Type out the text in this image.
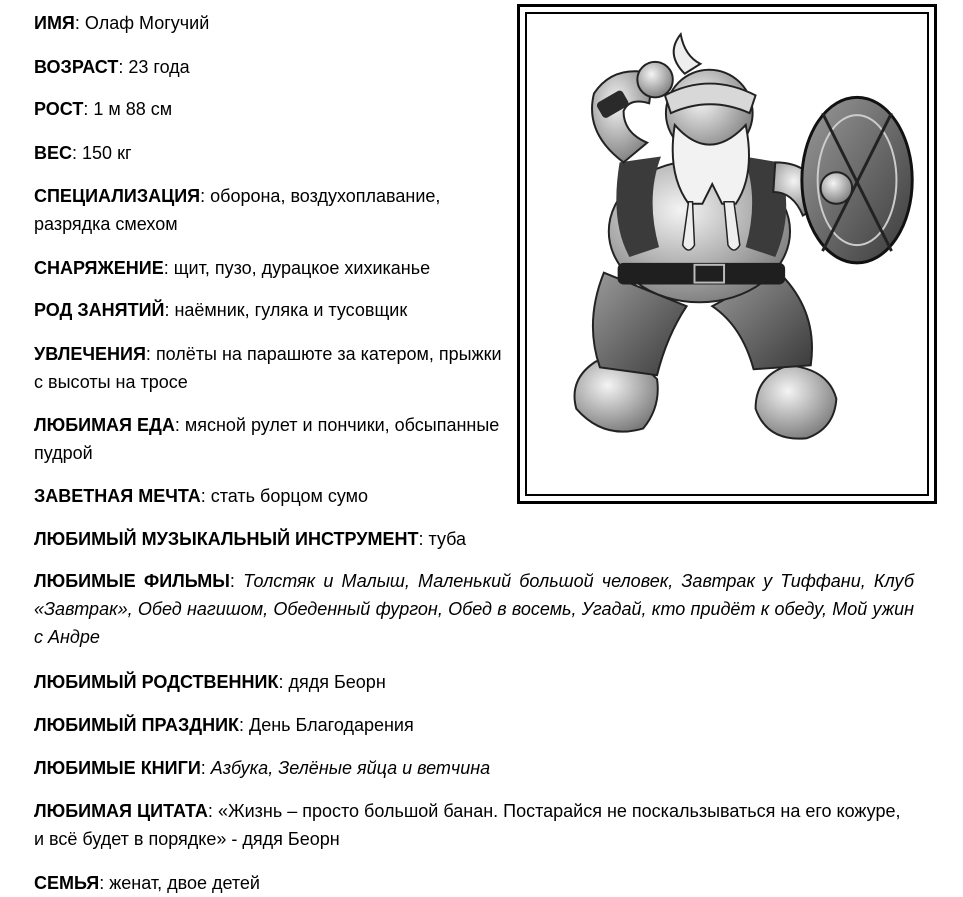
ИМЯ: Олаф Могучий

ВОЗРАСТ: 23 года

РОСТ: 1 м 88 см

ВЕС: 150 кг

СПЕЦИАЛИЗАЦИЯ: оборона, воздухоплавание, разрядка смехом

СНАРЯЖЕНИЕ: щит, пузо, дурацкое хихиканье

РОД ЗАНЯТИЙ: наёмник, гуляка и тусовщик

УВЛЕЧЕНИЯ: полёты на парашюте за катером, прыжки с высоты на тросе

ЛЮБИМАЯ ЕДА: мясной рулет и пончики, обсыпанные пудрой

ЗАВЕТНАЯ МЕЧТА: стать борцом сумо

ЛЮБИМЫЙ МУЗЫКАЛЬНЫЙ ИНСТРУМЕНТ: туба

ЛЮБИМЫЕ ФИЛЬМЫ: Толстяк и Малыш, Маленький большой человек, Завтрак у Тиффани, Клуб «Завтрак», Обед нагишом, Обеденный фургон, Обед в восемь, Угадай, кто придёт к обеду, Мой ужин с Андре

ЛЮБИМЫЙ РОДСТВЕННИК: дядя Беорн

ЛЮБИМЫЙ ПРАЗДНИК: День Благодарения

ЛЮБИМЫЕ КНИГИ: Азбука, Зелёные яйца и ветчина

ЛЮБИМАЯ ЦИТАТА: «Жизнь – просто большой банан. Постарайся не поскальзываться на его кожуре, и всё будет в порядке» - дядя Беорн

СЕМЬЯ: женат, двое детей
